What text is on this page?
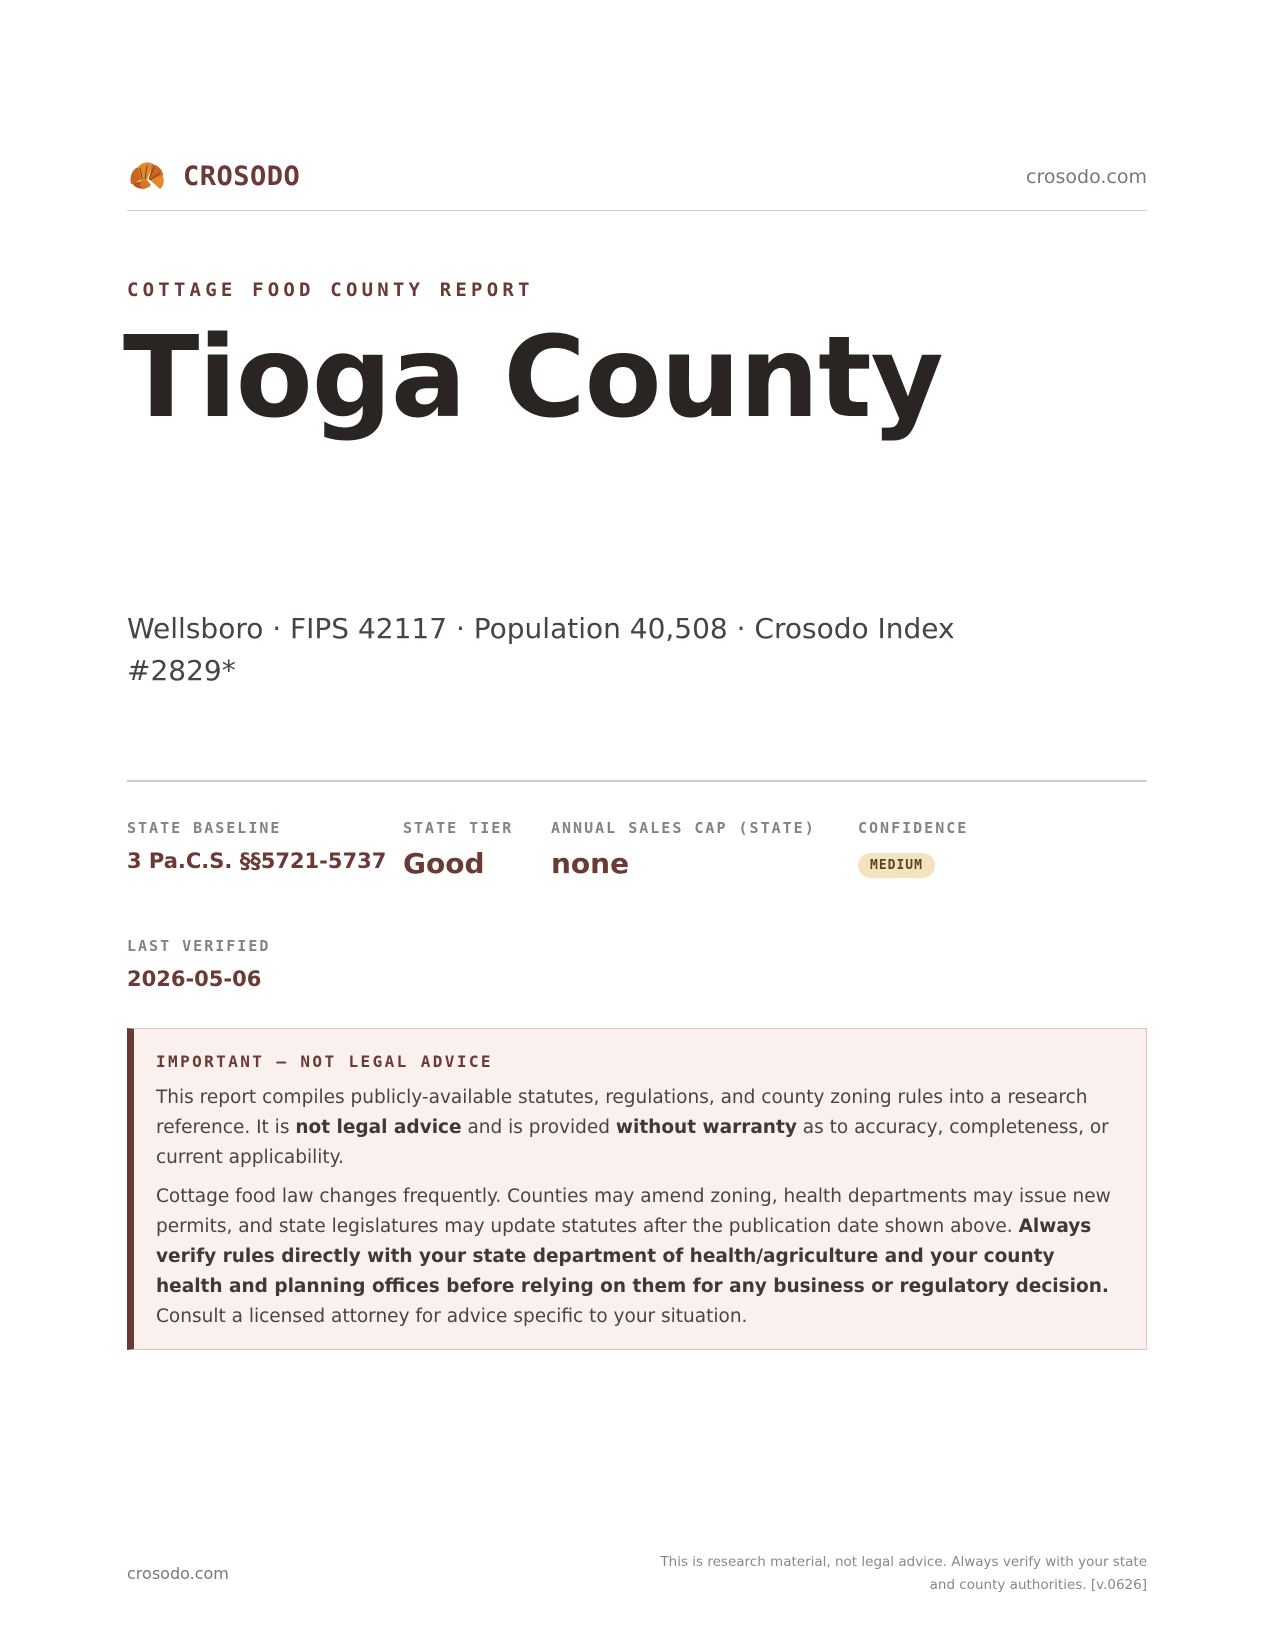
CROSODO	crosodo.com
COTTAGE FOOD COUNTY REPORT
Tioga County
Wellsboro · FIPS 42117 · Population 40,508 · Crosodo Index #2829*
STATE BASELINE
3 Pa.C.S. §§5721-5737
STATE TIER
Good
ANNUAL SALES CAP (STATE)
none
CONFIDENCE
MEDIUM
LAST VERIFIED
2026-05-06
IMPORTANT — NOT LEGAL ADVICE

This report compiles publicly-available statutes, regulations, and county zoning rules into a research reference. It is not legal advice and is provided without warranty as to accuracy, completeness, or current applicability.

Cottage food law changes frequently. Counties may amend zoning, health departments may issue new permits, and state legislatures may update statutes after the publication date shown above. Always verify rules directly with your state department of health/agriculture and your county health and planning offices before relying on them for any business or regulatory decision. Consult a licensed attorney for advice specific to your situation.

crosodo.com
This is research material, not legal advice. Always verify with your state
and county authorities. [v.0626]
